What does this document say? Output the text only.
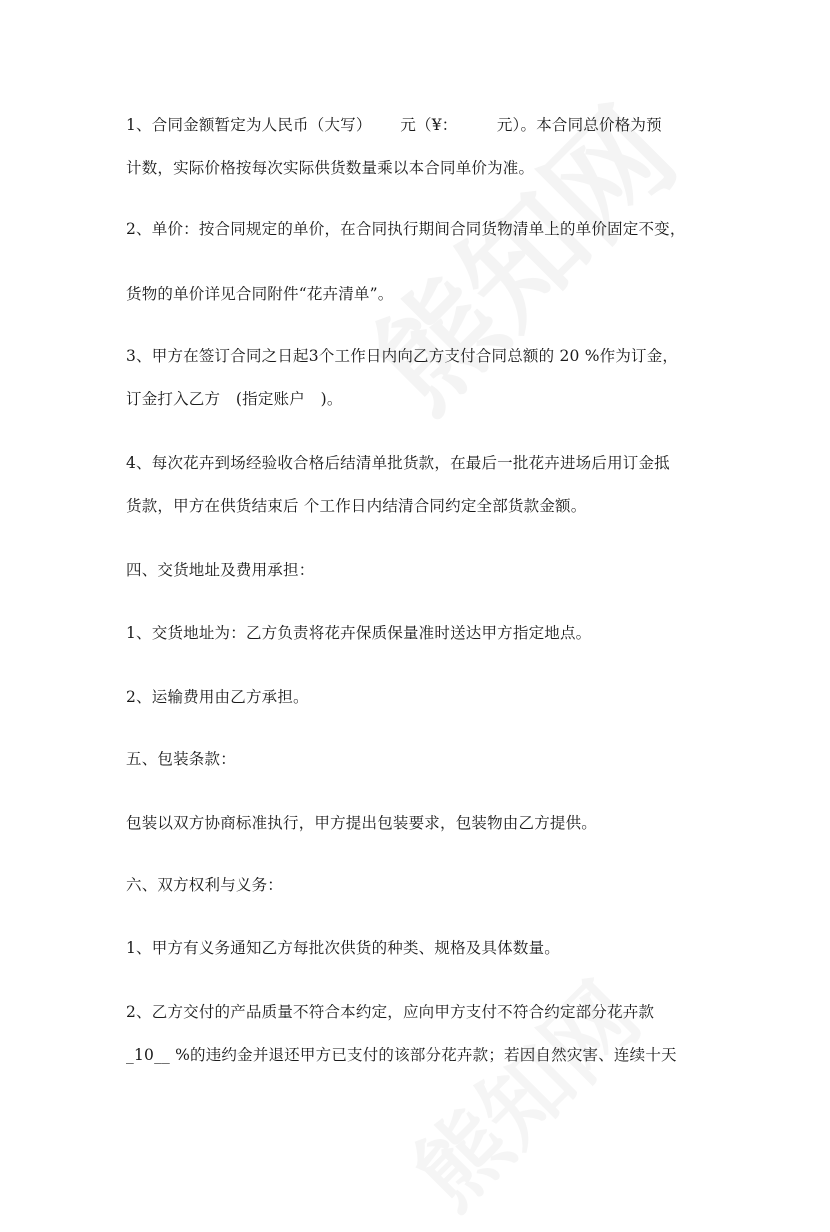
1、合同金额暂定为人民币（大写）　　 元（¥：　　　元）。本合同总价格为预
计数，实际价格按每次实际供货数量乘以本合同单价为准。
2、单价：按合同规定的单价，在合同执行期间合同货物清单上的单价固定不变，
货物的单价详见合同附件“花卉清单”。
3、甲方在签订合同之日起3个工作日内向乙方支付合同总额的 20 %作为订金，
订金打入乙方　(指定账户　)。
4、每次花卉到场经验收合格后结清单批货款，在最后一批花卉进场后用订金抵
货款，甲方在供货结束后 个工作日内结清合同约定全部货款金额。
四、交货地址及费用承担：
1、交货地址为：乙方负责将花卉保质保量准时送达甲方指定地点。
2、运输费用由乙方承担。
五、包装条款：
包装以双方协商标准执行，甲方提出包装要求，包装物由乙方提供。
六、双方权利与义务：
1、甲方有义务通知乙方每批次供货的种类、规格及具体数量。
2、乙方交付的产品质量不符合本约定，应向甲方支付不符合约定部分花卉款
_10__ %的违约金并退还甲方已支付的该部分花卉款；若因自然灾害、连续十天
